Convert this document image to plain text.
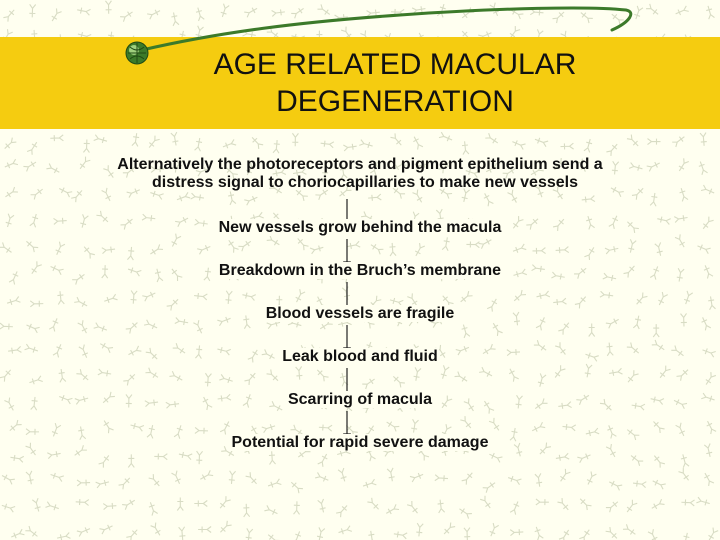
AGE RELATED MACULAR
DEGENERATION
Alternatively the photoreceptors and pigment epithelium send a
distress signal to choriocapillaries to make new vessels
New vessels grow behind the macula
Breakdown in the Bruch’s membrane
Blood vessels are fragile
Leak blood and fluid
Scarring of macula
Potential for rapid severe damage
